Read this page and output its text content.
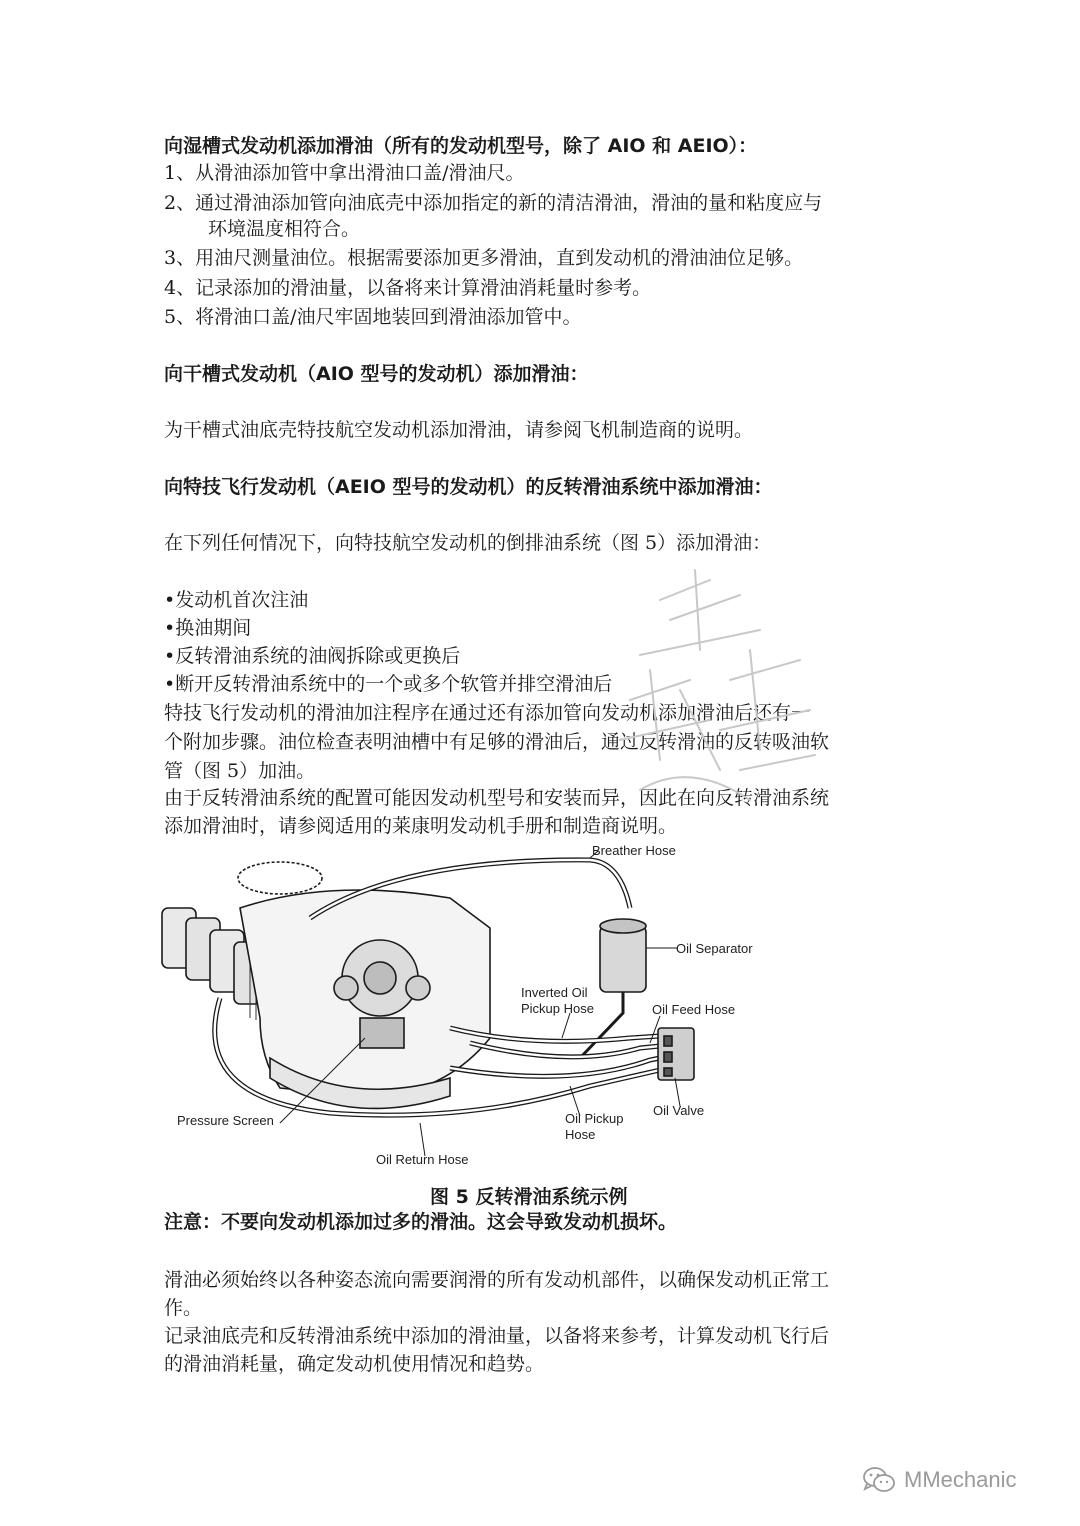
向湿槽式发动机添加滑油（所有的发动机型号，除了 AIO 和 AEIO）：
1、从滑油添加管中拿出滑油口盖/滑油尺。
2、通过滑油添加管向油底壳中添加指定的新的清洁滑油，滑油的量和粘度应与
环境温度相符合。
3、用油尺测量油位。根据需要添加更多滑油，直到发动机的滑油油位足够。
4、记录添加的滑油量，以备将来计算滑油消耗量时参考。
5、将滑油口盖/油尺牢固地装回到滑油添加管中。
向干槽式发动机（AIO 型号的发动机）添加滑油：
为干槽式油底壳特技航空发动机添加滑油，请参阅飞机制造商的说明。
向特技飞行发动机（AEIO 型号的发动机）的反转滑油系统中添加滑油：
在下列任何情况下，向特技航空发动机的倒排油系统（图 5）添加滑油：
•发动机首次注油
•换油期间
•反转滑油系统的油阀拆除或更换后
•断开反转滑油系统中的一个或多个软管并排空滑油后
特技飞行发动机的滑油加注程序在通过还有添加管向发动机添加滑油后还有一
个附加步骤。油位检查表明油槽中有足够的滑油后，通过反转滑油的反转吸油软
管（图 5）加油。
由于反转滑油系统的配置可能因发动机型号和安装而异，因此在向反转滑油系统
添加滑油时，请参阅适用的莱康明发动机手册和制造商说明。
Breather Hose
Oil Separator
Inverted Oil
Pickup Hose	Oil Feed Hose
Pressure Screen
Oil Valve
Oil Pickup
Hose
Oil Return Hose
图 5 反转滑油系统示例
注意：不要向发动机添加过多的滑油。这会导致发动机损坏。
滑油必须始终以各种姿态流向需要润滑的所有发动机部件，以确保发动机正常工
作。
记录油底壳和反转滑油系统中添加的滑油量，以备将来参考，计算发动机飞行后
的滑油消耗量，确定发动机使用情况和趋势。
MMechanic
